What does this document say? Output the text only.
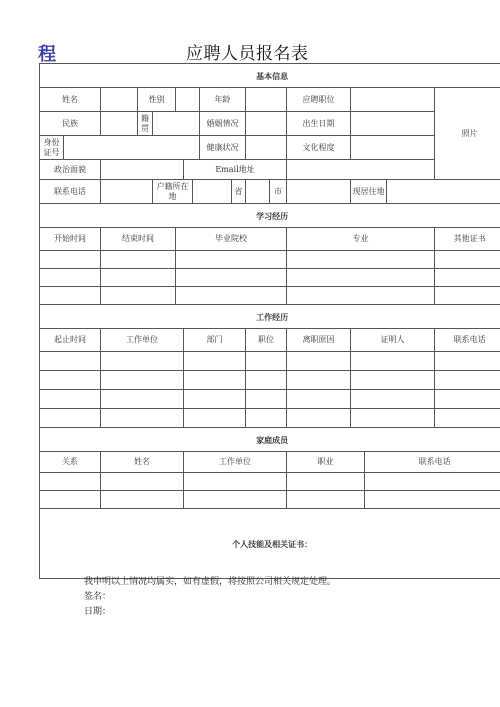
程	应聘人员报名表
基本信息																
姓名			性别					年龄				应聘职位				照片
民族			籍贯					婚姻情况				出生日期				
身份证号								健康状况				文化程度				
政治面貌						Email地址										
联系电话				户籍所在地					省		市		现居住地			
学习经历																
开始时间		结束时间			毕业院校							专业				其他证书

工作经历																
起止时间		工作单位				部门				职位		离职原因	证明人			联系电话

家庭成员																
关系		姓名				工作单位						职业		联系电话		

个人技能及相关证书：																
我申明以上情况均属实，如有虚假，将按照公司相关规定处理。
签名：
日期：
